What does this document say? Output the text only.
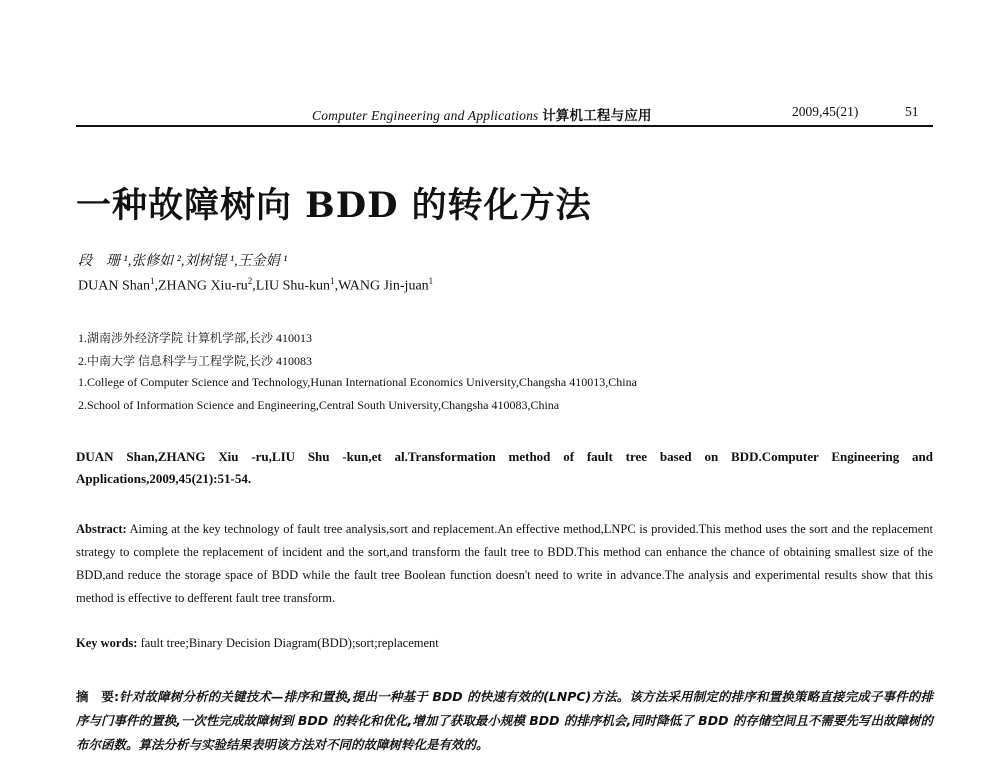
Computer Engineering and Applications 计算机工程与应用	2009,45(21)	51
一种故障树向 BDD 的转化方法
段　珊 ¹,张修如 ²,刘树锟 ¹,王金娟 ¹
DUAN Shan$^1$,ZHANG Xiu-$ru^2,LIU$ Shu-kun$^1$,WANG Jin-juan$^1$
1.湖南涉外经济学院 计算机学部,长沙 410013
2.中南大学 信息科学与工程学院,长沙 410083
1.College of Computer Science and Technology,Hunan International Economics University,Changsha 410013,China
2.School of Information Science and Engineering,Central South University,Changsha 410083,China
DUAN Shan,ZHANG Xiu -ru,LIU Shu -kun,et al.Transformation method of fault tree based on BDD.Computer Engineering and Applications,2009,45(21):51-54.
Abstract: Aiming at the key technology of fault tree analysis,sort and replacement.An effective method,LNPC is provided.This method uses the sort and the replacement strategy to complete the replacement of incident and the sort,and transform the fault tree to BDD.This method can enhance the chance of obtaining smallest size of the BDD,and reduce the storage space of BDD while the fault tree Boolean function doesn't need to write in advance.The analysis and experimental results show that this method is effective to defferent fault tree transform.
Key words: fault tree;Binary Decision Diagram(BDD);sort;replacement
摘　要:针对故障树分析的关键技术—排序和置换,提出一种基于 BDD 的快速有效的(LNPC)方法。该方法采用制定的排序和置换策略直接完成子事件的排序与门事件的置换,一次性完成故障树到 BDD 的转化和优化,增加了获取最小规模 BDD 的排序机会,同时降低了 BDD 的存储空间且不需要先写出故障树的布尔函数。算法分析与实验结果表明该方法对不同的故障树转化是有效的。
